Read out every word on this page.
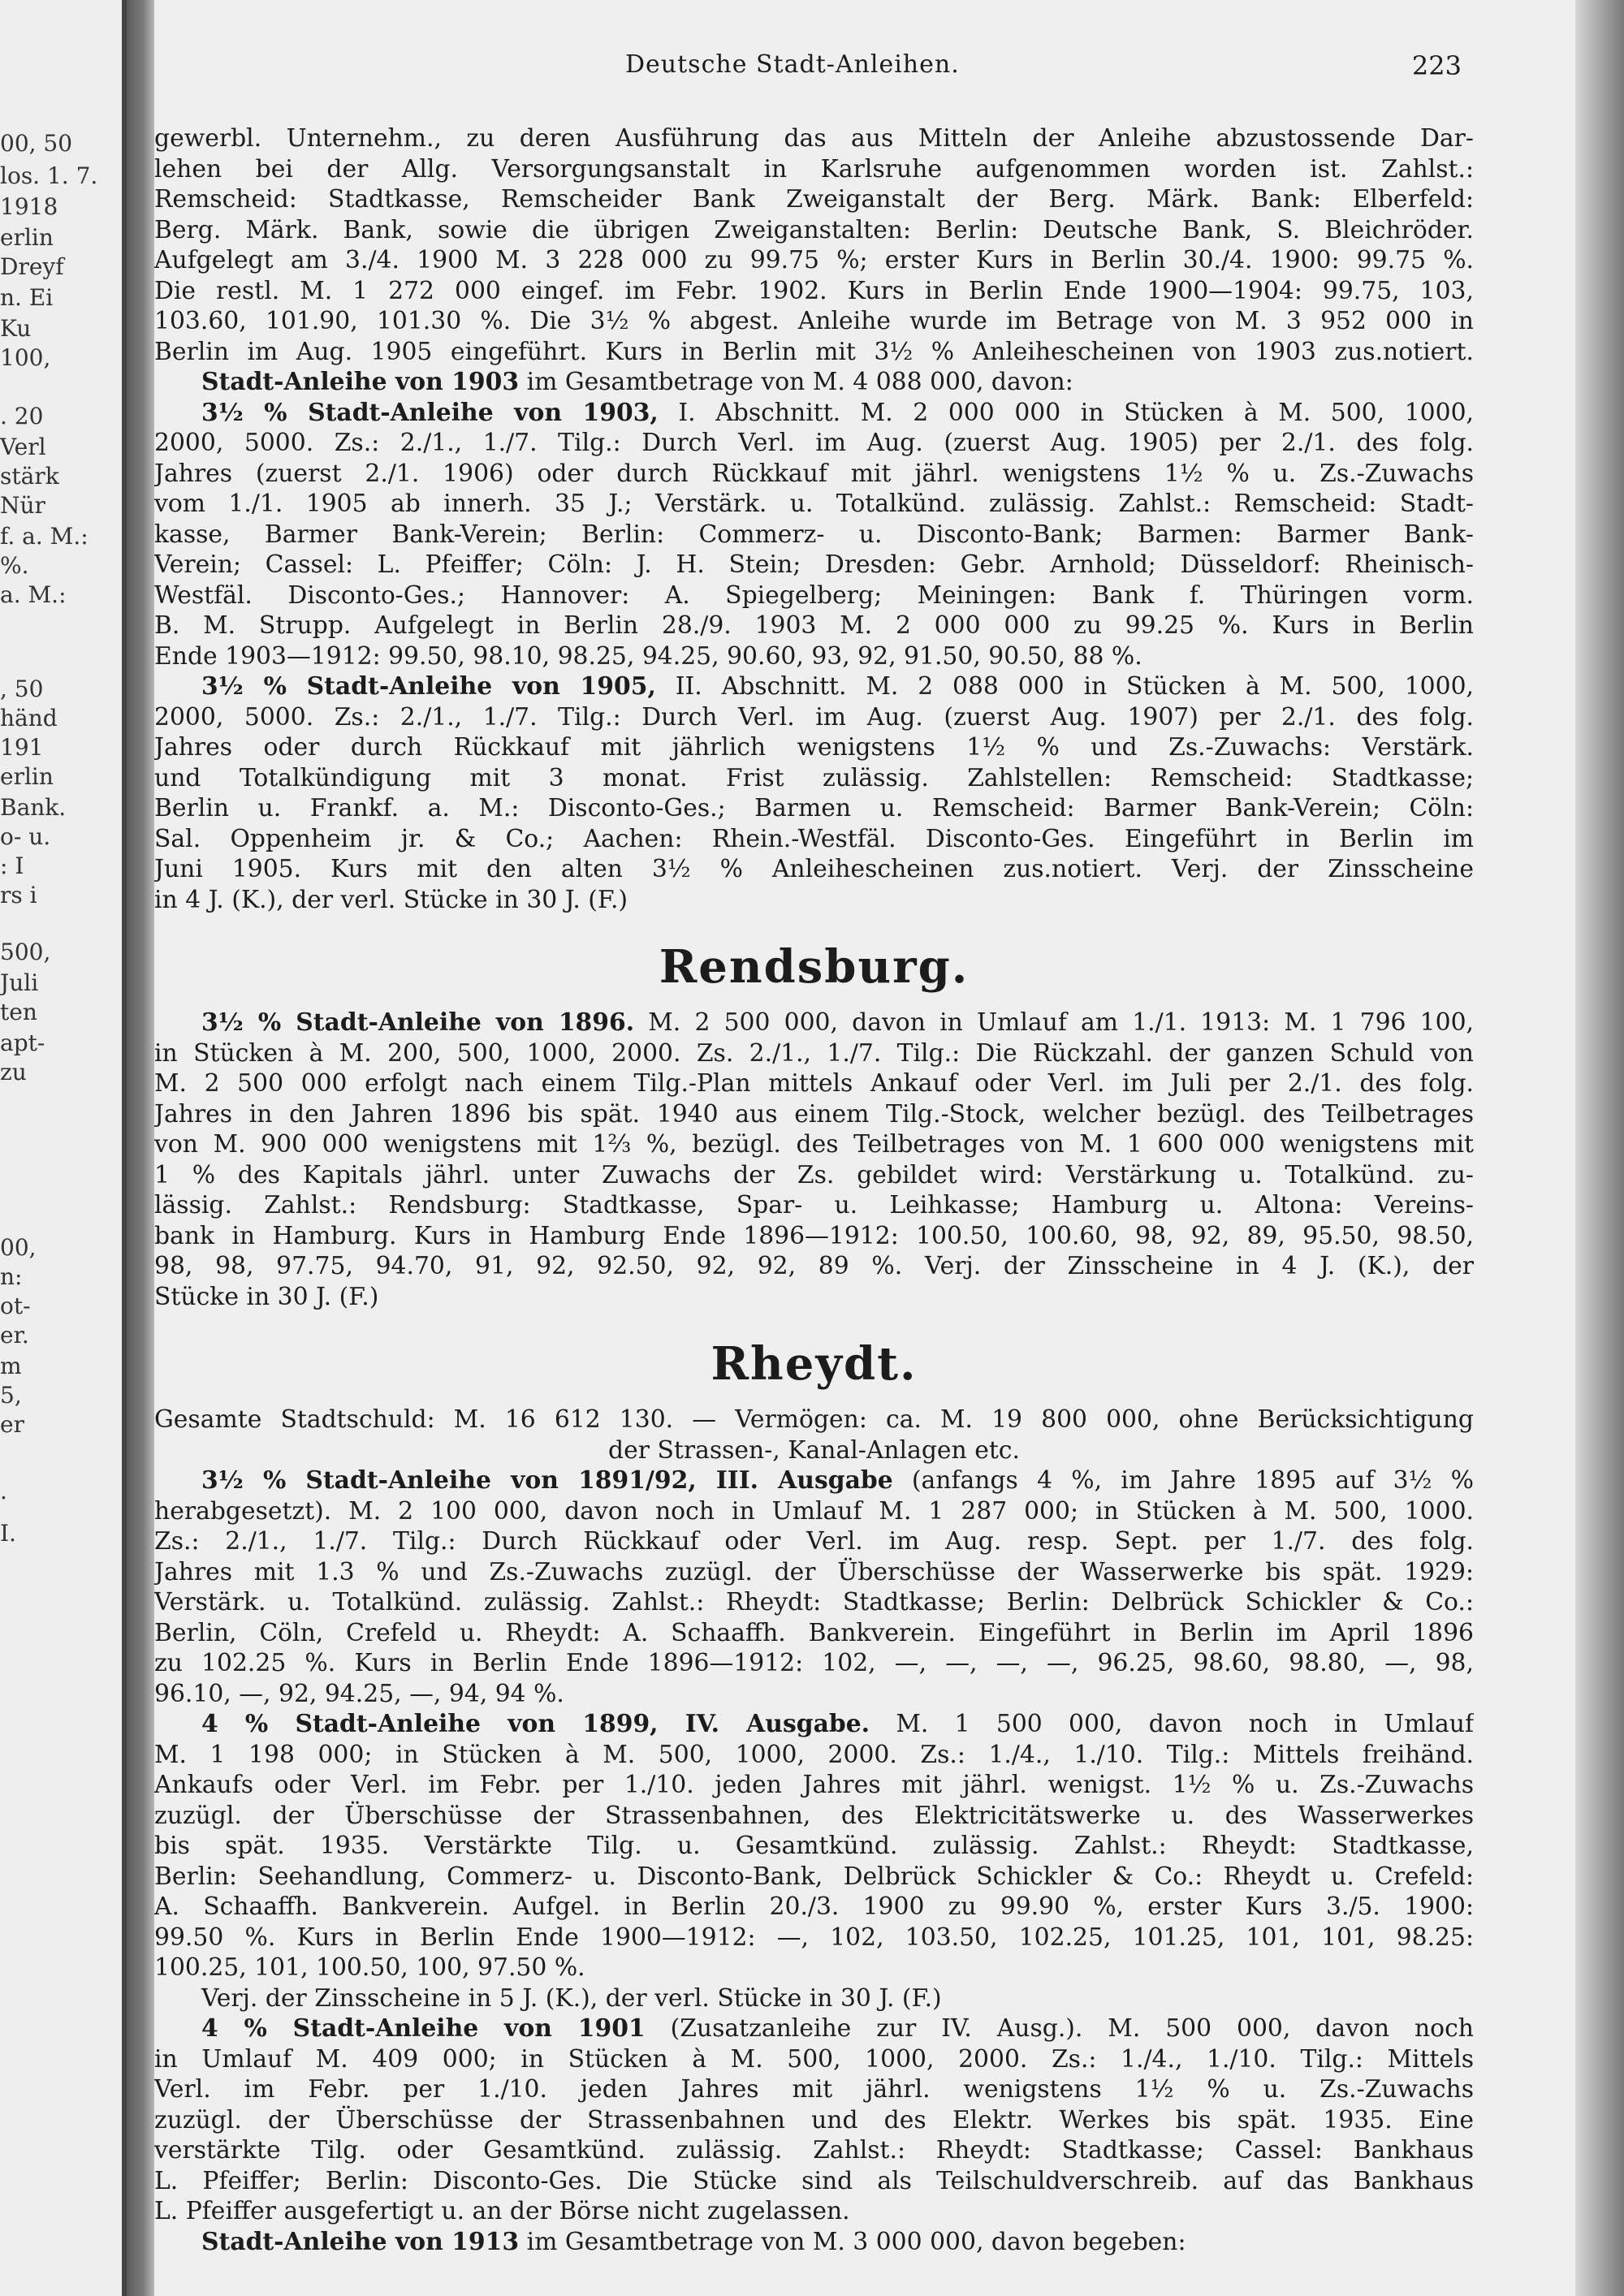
00, 50
los. 1. 7.
1918
erlin
Dreyf
n. Ei
Ku
100,
. 20
Verl
stärk
Nür
f. a. M.:
%.
a. M.:
, 50
händ
191
erlin
Bank.
o- u.
: I
rs i
500,
Juli
ten
apt-
zu
00,
n:
ot-
er.
m
5,
er
.
I.
Deutsche Stadt-Anleihen.	223
gewerbl. Unternehm., zu deren Ausführung das aus Mitteln der Anleihe abzustossende Dar-
lehen bei der Allg. Versorgungsanstalt in Karlsruhe aufgenommen worden ist. Zahlst.:
Remscheid: Stadtkasse, Remscheider Bank Zweiganstalt der Berg. Märk. Bank: Elberfeld:
Berg. Märk. Bank, sowie die übrigen Zweiganstalten: Berlin: Deutsche Bank, S. Bleichröder.
Aufgelegt am 3./4. 1900 M. 3 228 000 zu 99.75 %; erster Kurs in Berlin 30./4. 1900: 99.75 %.
Die restl. M. 1 272 000 eingef. im Febr. 1902. Kurs in Berlin Ende 1900—1904: 99.75, 103,
103.60, 101.90, 101.30 %. Die 3½ % abgest. Anleihe wurde im Betrage von M. 3 952 000 in
Berlin im Aug. 1905 eingeführt. Kurs in Berlin mit 3½ % Anleihescheinen von 1903 zus.notiert.
Stadt-Anleihe von 1903 im Gesamtbetrage von M. 4 088 000, davon:
3½ % Stadt-Anleihe von 1903, I. Abschnitt. M. 2 000 000 in Stücken à M. 500, 1000,
2000, 5000. Zs.: 2./1., 1./7. Tilg.: Durch Verl. im Aug. (zuerst Aug. 1905) per 2./1. des folg.
Jahres (zuerst 2./1. 1906) oder durch Rückkauf mit jährl. wenigstens 1½ % u. Zs.-Zuwachs
vom 1./1. 1905 ab innerh. 35 J.; Verstärk. u. Totalkünd. zulässig. Zahlst.: Remscheid: Stadt-
kasse, Barmer Bank-Verein; Berlin: Commerz- u. Disconto-Bank; Barmen: Barmer Bank-
Verein; Cassel: L. Pfeiffer; Cöln: J. H. Stein; Dresden: Gebr. Arnhold; Düsseldorf: Rheinisch-
Westfäl. Disconto-Ges.; Hannover: A. Spiegelberg; Meiningen: Bank f. Thüringen vorm.
B. M. Strupp. Aufgelegt in Berlin 28./9. 1903 M. 2 000 000 zu 99.25 %. Kurs in Berlin
Ende 1903—1912: 99.50, 98.10, 98.25, 94.25, 90.60, 93, 92, 91.50, 90.50, 88 %.
3½ % Stadt-Anleihe von 1905, II. Abschnitt. M. 2 088 000 in Stücken à M. 500, 1000,
2000, 5000. Zs.: 2./1., 1./7. Tilg.: Durch Verl. im Aug. (zuerst Aug. 1907) per 2./1. des folg.
Jahres oder durch Rückkauf mit jährlich wenigstens 1½ % und Zs.-Zuwachs: Verstärk.
und Totalkündigung mit 3 monat. Frist zulässig. Zahlstellen: Remscheid: Stadtkasse;
Berlin u. Frankf. a. M.: Disconto-Ges.; Barmen u. Remscheid: Barmer Bank-Verein; Cöln:
Sal. Oppenheim jr. & Co.; Aachen: Rhein.-Westfäl. Disconto-Ges. Eingeführt in Berlin im
Juni 1905. Kurs mit den alten 3½ % Anleihescheinen zus.notiert. Verj. der Zinsscheine
in 4 J. (K.), der verl. Stücke in 30 J. (F.)
Rendsburg.
3½ % Stadt-Anleihe von 1896. M. 2 500 000, davon in Umlauf am 1./1. 1913: M. 1 796 100,
in Stücken à M. 200, 500, 1000, 2000. Zs. 2./1., 1./7. Tilg.: Die Rückzahl. der ganzen Schuld von
M. 2 500 000 erfolgt nach einem Tilg.-Plan mittels Ankauf oder Verl. im Juli per 2./1. des folg.
Jahres in den Jahren 1896 bis spät. 1940 aus einem Tilg.-Stock, welcher bezügl. des Teilbetrages
von M. 900 000 wenigstens mit 1⅔ %, bezügl. des Teilbetrages von M. 1 600 000 wenigstens mit
1 % des Kapitals jährl. unter Zuwachs der Zs. gebildet wird: Verstärkung u. Totalkünd. zu-
lässig. Zahlst.: Rendsburg: Stadtkasse, Spar- u. Leihkasse; Hamburg u. Altona: Vereins-
bank in Hamburg. Kurs in Hamburg Ende 1896—1912: 100.50, 100.60, 98, 92, 89, 95.50, 98.50,
98, 98, 97.75, 94.70, 91, 92, 92.50, 92, 92, 89 %. Verj. der Zinsscheine in 4 J. (K.), der
Stücke in 30 J. (F.)
Rheydt.
Gesamte Stadtschuld: M. 16 612 130. — Vermögen: ca. M. 19 800 000, ohne Berücksichtigung
der Strassen-, Kanal-Anlagen etc.
3½ % Stadt-Anleihe von 1891/92, III. Ausgabe (anfangs 4 %, im Jahre 1895 auf 3½ %
herabgesetzt). M. 2 100 000, davon noch in Umlauf M. 1 287 000; in Stücken à M. 500, 1000.
Zs.: 2./1., 1./7. Tilg.: Durch Rückkauf oder Verl. im Aug. resp. Sept. per 1./7. des folg.
Jahres mit 1.3 % und Zs.-Zuwachs zuzügl. der Überschüsse der Wasserwerke bis spät. 1929:
Verstärk. u. Totalkünd. zulässig. Zahlst.: Rheydt: Stadtkasse; Berlin: Delbrück Schickler & Co.:
Berlin, Cöln, Crefeld u. Rheydt: A. Schaaffh. Bankverein. Eingeführt in Berlin im April 1896
zu 102.25 %. Kurs in Berlin Ende 1896—1912: 102, —, —, —, —, 96.25, 98.60, 98.80, —, 98,
96.10, —, 92, 94.25, —, 94, 94 %.
4 % Stadt-Anleihe von 1899, IV. Ausgabe. M. 1 500 000, davon noch in Umlauf
M. 1 198 000; in Stücken à M. 500, 1000, 2000. Zs.: 1./4., 1./10. Tilg.: Mittels freihänd.
Ankaufs oder Verl. im Febr. per 1./10. jeden Jahres mit jährl. wenigst. 1½ % u. Zs.-Zuwachs
zuzügl. der Überschüsse der Strassenbahnen, des Elektricitätswerke u. des Wasserwerkes
bis spät. 1935. Verstärkte Tilg. u. Gesamtkünd. zulässig. Zahlst.: Rheydt: Stadtkasse,
Berlin: Seehandlung, Commerz- u. Disconto-Bank, Delbrück Schickler & Co.: Rheydt u. Crefeld:
A. Schaaffh. Bankverein. Aufgel. in Berlin 20./3. 1900 zu 99.90 %, erster Kurs 3./5. 1900:
99.50 %. Kurs in Berlin Ende 1900—1912: —, 102, 103.50, 102.25, 101.25, 101, 101, 98.25:
100.25, 101, 100.50, 100, 97.50 %.
Verj. der Zinsscheine in 5 J. (K.), der verl. Stücke in 30 J. (F.)
4 % Stadt-Anleihe von 1901 (Zusatzanleihe zur IV. Ausg.). M. 500 000, davon noch
in Umlauf M. 409 000; in Stücken à M. 500, 1000, 2000. Zs.: 1./4., 1./10. Tilg.: Mittels
Verl. im Febr. per 1./10. jeden Jahres mit jährl. wenigstens 1½ % u. Zs.-Zuwachs
zuzügl. der Überschüsse der Strassenbahnen und des Elektr. Werkes bis spät. 1935. Eine
verstärkte Tilg. oder Gesamtkünd. zulässig. Zahlst.: Rheydt: Stadtkasse; Cassel: Bankhaus
L. Pfeiffer; Berlin: Disconto-Ges. Die Stücke sind als Teilschuldverschreib. auf das Bankhaus
L. Pfeiffer ausgefertigt u. an der Börse nicht zugelassen.
Stadt-Anleihe von 1913 im Gesamtbetrage von M. 3 000 000, davon begeben:
